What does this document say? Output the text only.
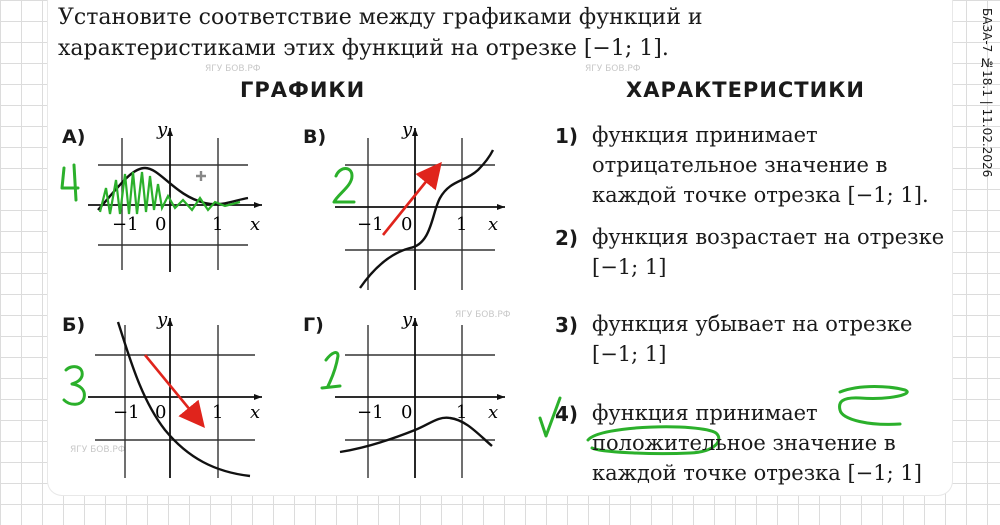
Установите соответствие между графиками функций и характеристиками этих функций на отрезке [−1; 1].	БАЗА-7 №18.1 | 11.02.2026
ГРАФИКИ	ХАРАКТЕРИСТИКИ
ЯГУ БОВ.РФ	ЯГУ БОВ.РФ
ЯГУ БОВ.РФ
ЯГУ БОВ.РФ
А)	В)
Б)	Г)
y
x
−1 0	1
y
x
−1 0 1
y
x
−1 0	1
y
x
−1 0 1
1) функция принимает отрицательное значение в каждой точке отрезка [−1; 1].

2) функция возрастает на отрезке [−1; 1]

3) функция убывает на отрезке [−1; 1]

4) функция принимает положительное значение в каждой точке отрезка [−1; 1]
